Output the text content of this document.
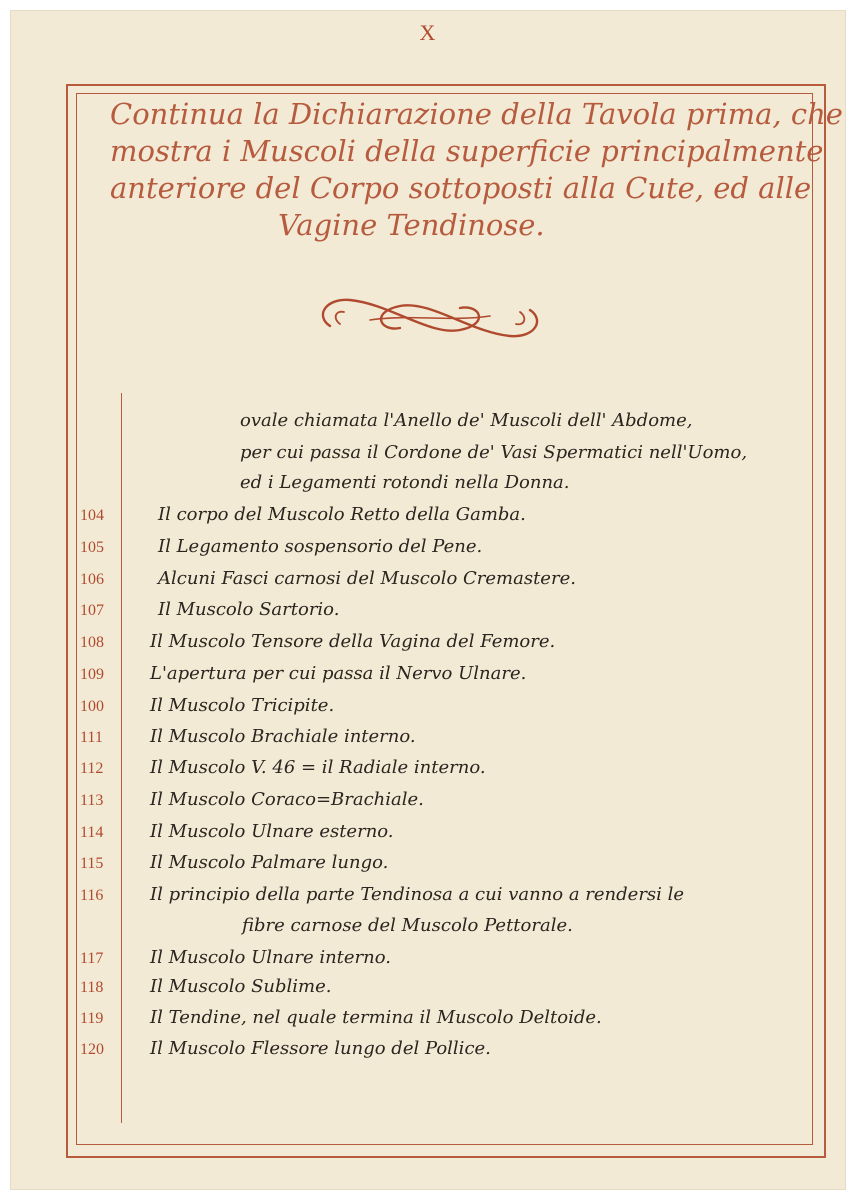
X
Continua la Dichiarazione della Tavola prima, che
mostra i Muscoli della superficie principalmente
anteriore del Corpo sottoposti alla Cute, ed alle
Vagine Tendinose.
ovale chiamata l'Anello de' Muscoli dell' Abdome,
per cui passa il Cordone de' Vasi Spermatici nell'Uomo,
ed i Legamenti rotondi nella Donna.
104	Il corpo del Muscolo Retto della Gamba.
105	Il Legamento sospensorio del Pene.
106	Alcuni Fasci carnosi del Muscolo Cremastere.
107	Il Muscolo Sartorio.
108	Il Muscolo Tensore della Vagina del Femore.
109	L'apertura per cui passa il Nervo Ulnare.
100	Il Muscolo Tricipite.
111	Il Muscolo Brachiale interno.
112	Il Muscolo V. 46 = il Radiale interno.
113	Il Muscolo Coraco=Brachiale.
114	Il Muscolo Ulnare esterno.
115	Il Muscolo Palmare lungo.
116	Il principio della parte Tendinosa a cui vanno a rendersi le
fibre carnose del Muscolo Pettorale.
117	Il Muscolo Ulnare interno.
118	Il Muscolo Sublime.
119	Il Tendine, nel quale termina il Muscolo Deltoide.
120	Il Muscolo Flessore lungo del Pollice.
